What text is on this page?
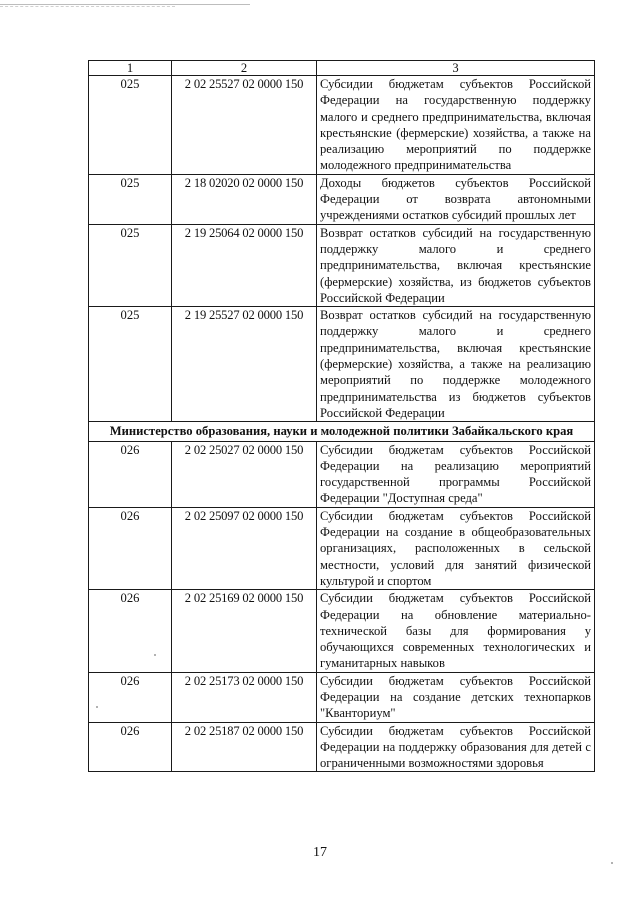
1	2	3
025	2 02 25527 02 0000 150	Субсидии бюджетам субъектов Российской Федерации на государственную поддержку малого и среднего предпринимательства, включая крестьянские (фермерские) хозяйства, а также на реализацию мероприятий по поддержке молодежного предпринимательства
025	2 18 02020 02 0000 150	Доходы бюджетов субъектов Российской Федерации от возврата автономными учреждениями остатков субсидий прошлых лет
025	2 19 25064 02 0000 150	Возврат остатков субсидий на государственную поддержку малого и среднего предпринимательства, включая крестьянские (фермерские) хозяйства, из бюджетов субъектов Российской Федерации
025	2 19 25527 02 0000 150	Возврат остатков субсидий на государственную поддержку малого и среднего предпринимательства, включая крестьянские (фермерские) хозяйства, а также на реализацию мероприятий по поддержке молодежного предпринимательства из бюджетов субъектов Российской Федерации
Министерство образования, науки и молодежной политики Забайкальского края		
026	2 02 25027 02 0000 150	Субсидии бюджетам субъектов Российской Федерации на реализацию мероприятий государственной программы Российской Федерации "Доступная среда"
026	2 02 25097 02 0000 150	Субсидии бюджетам субъектов Российской Федерации на создание в общеобразовательных организациях, расположенных в сельской местности, условий для занятий физической культурой и спортом
026	2 02 25169 02 0000 150	Субсидии бюджетам субъектов Российской Федерации на обновление материально-технической базы для формирования у обучающихся современных технологических и гуманитарных навыков
026	2 02 25173 02 0000 150	Субсидии бюджетам субъектов Российской Федерации на создание детских технопарков "Кванториум"
026	2 02 25187 02 0000 150	Субсидии бюджетам субъектов Российской Федерации на поддержку образования для детей с ограниченными возможностями здоровья
17
